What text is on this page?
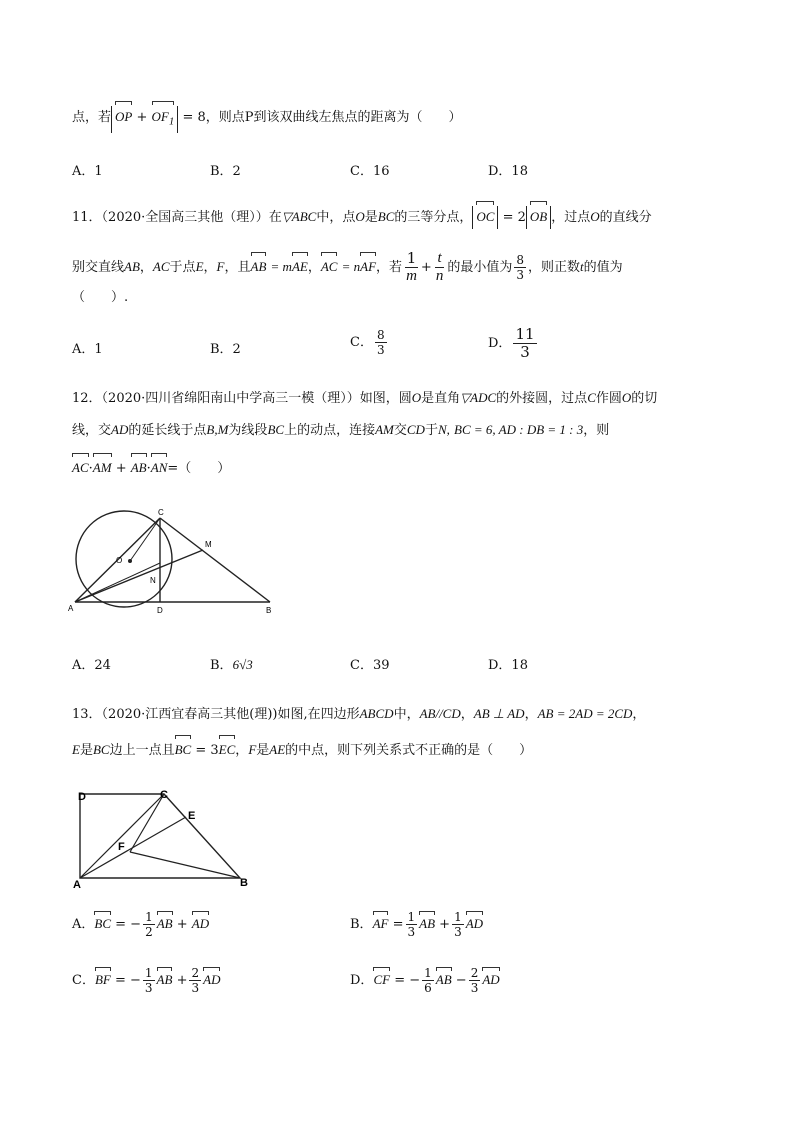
点，若 OP + $OF_1 = 8$，则点P到该双曲线左焦点的距离为（　　）
A．1	B．2	C．16	D．18
11．（2020·全国高三其他（理））在▽ABC中，点O是BC的三等分点， OC = 2 OB ，过点O的直线分
别交直线AB，AC于点E，F，且AB = mAE，AC = nAF，若 $\frac{1}{m} + \frac{t}{n}$ 的最小值为 $\frac{8}{3}$ ，则正数t的值为
（　　）.
A．1	B．2	C． $\frac{8}{3}$	D． $\frac{11}{3}$
12．（2020·四川省绵阳南山中学高三一模（理））如图，圆O是直角▽ADC的外接圆，过点C作圆O的切
线，交AD的延长线于点B,M为线段BC上的动点，连接AM交CD于N, BC = 6, AD : DB = 1 : 3，则
AC·AM + AB·AN=（　　）
C
M
O
N
A	D	B
A．24	B．6√3	C．39	D．18
13．（2020·江西宜春高三其他(理))如图,在四边形ABCD中，AB//CD，AB ⊥ AD，AB = 2AD = 2CD，
E是BC边上一点且BC = 3EC，F是AE的中点，则下列关系式不正确的是（　　）
D	C
E
F
A	B
A．BC = − $\frac{1}{2}$ AB + AD	B．AF = $\frac{1}{3}$ AB + $\frac{1}{3}$ AD
C．BF = − $\frac{1}{3}$ AB + $\frac{2}{3}$ AD	D．CF = − $\frac{1}{6}$ AB − $\frac{2}{3}$ AD
